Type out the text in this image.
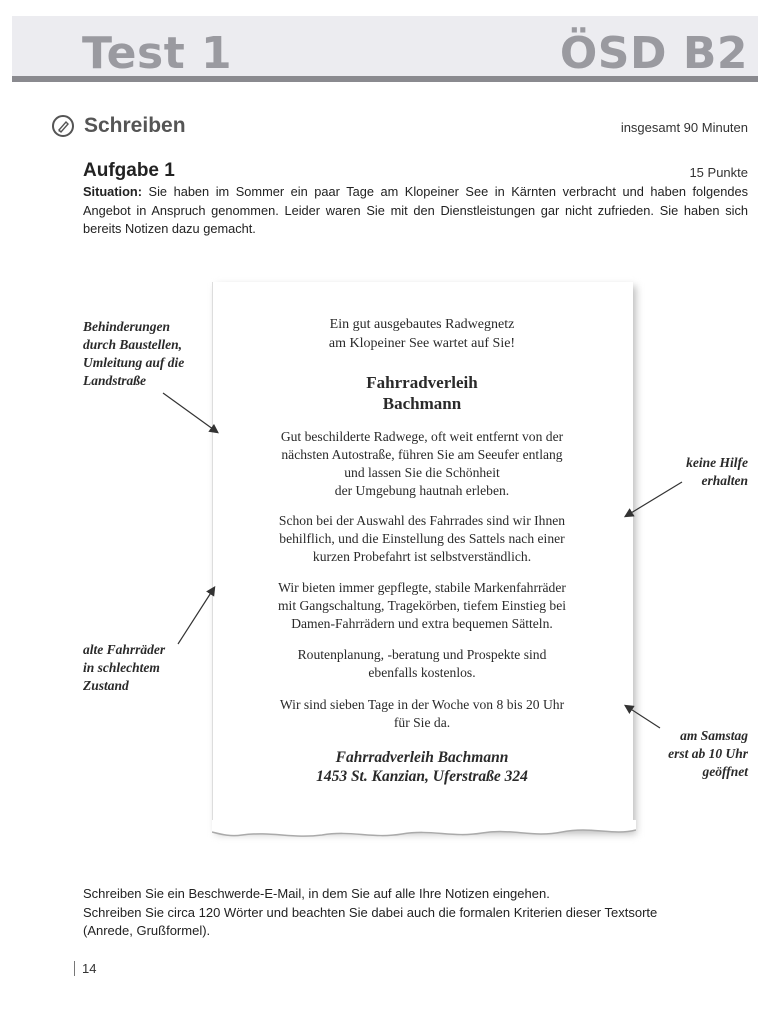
Test 1	ÖSD B2
Schreiben	insgesamt 90 Minuten
Aufgabe 1	15 Punkte
Situation: Sie haben im Sommer ein paar Tage am Klopeiner See in Kärnten verbracht und haben folgendes Angebot in Anspruch genommen. Leider waren Sie mit den Dienstleistungen gar nicht zufrieden. Sie haben sich bereits Notizen dazu gemacht.
Ein gut ausgebautes Radwegnetz
am Klopeiner See wartet auf Sie!
Fahrradverleih
Bachmann
Gut beschilderte Radwege, oft weit entfernt von der
nächsten Autostraße, führen Sie am Seeufer entlang
und lassen Sie die Schönheit
der Umgebung hautnah erleben.
Schon bei der Auswahl des Fahrrades sind wir Ihnen
behilflich, und die Einstellung des Sattels nach einer
kurzen Probefahrt ist selbstverständlich.
Wir bieten immer gepflegte, stabile Markenfahrräder
mit Gangschaltung, Tragekörben, tiefem Einstieg bei
Damen-Fahrrädern und extra bequemen Sätteln.
Routenplanung, -beratung und Prospekte sind
ebenfalls kostenlos.
Wir sind sieben Tage in der Woche von 8 bis 20 Uhr
für Sie da.
Fahrradverleih Bachmann
1453 St. Kanzian, Uferstraße 324
Behinderungen
durch Baustellen,
Umleitung auf die
Landstraße
alte Fahrräder
in schlechtem
Zustand
keine Hilfe
erhalten
am Samstag
erst ab 10 Uhr
geöffnet
Schreiben Sie ein Beschwerde-E-Mail, in dem Sie auf alle Ihre Notizen eingehen.
Schreiben Sie circa 120 Wörter und beachten Sie dabei auch die formalen Kriterien dieser Textsorte
(Anrede, Grußformel).
14
